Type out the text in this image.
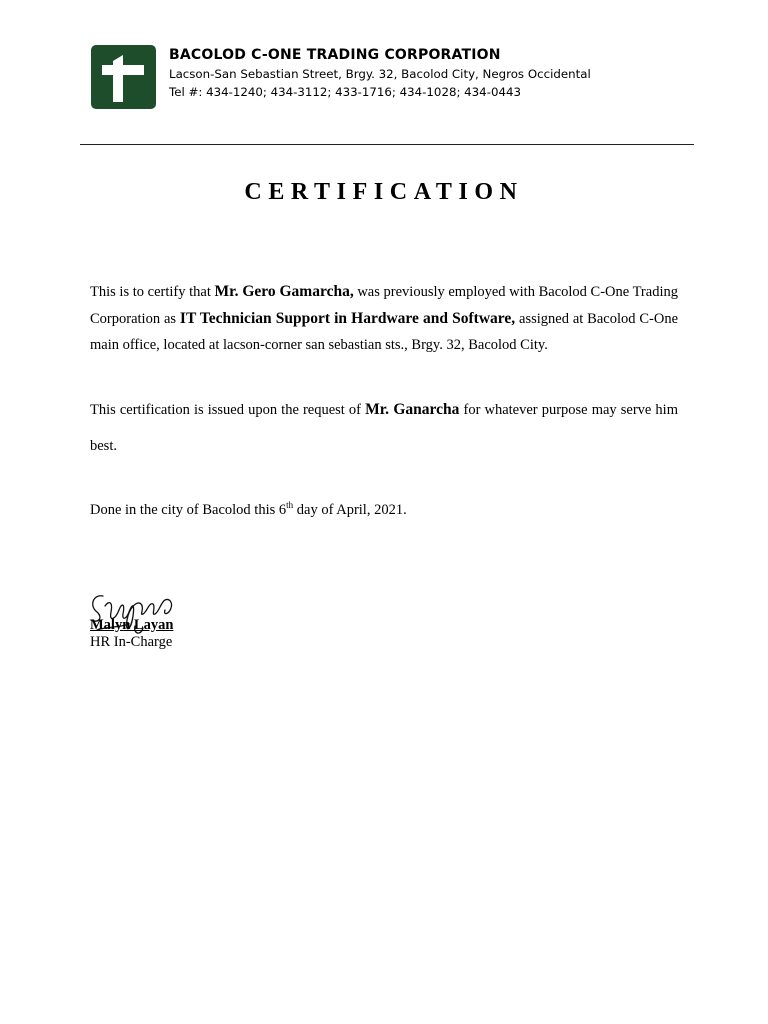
BACOLOD C-ONE TRADING CORPORATION
Lacson-San Sebastian Street, Brgy. 32, Bacolod City, Negros Occidental
Tel #: 434-1240; 434-3112; 433-1716; 434-1028; 434-0443
CERTIFICATION

This is to certify that Mr. Gero Gamarcha, was previously employed with Bacolod C-One Trading Corporation as IT Technician Support in Hardware and Software, assigned at Bacolod C-One main office, located at lacson-corner san sebastian sts., Brgy. 32, Bacolod City.

This certification is issued upon the request of Mr. Ganarcha for whatever purpose may serve him best.

Done in the city of Bacolod this 6th day of April, 2021.

Malyn Layan
HR In-Charge
